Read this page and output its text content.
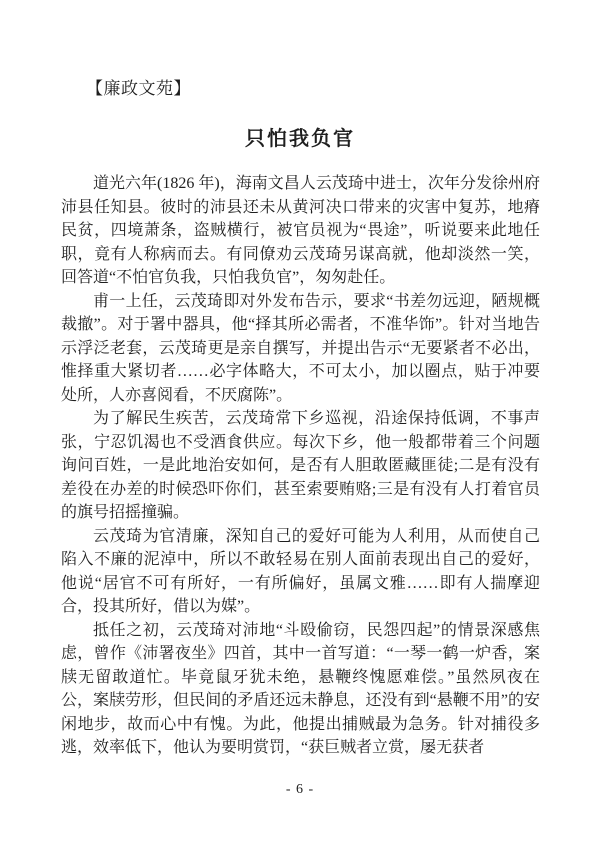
【廉政文苑】
只怕我负官

道光六年(1826 年)，海南文昌人云茂琦中进士，次年分发徐州府沛县任知县。彼时的沛县还未从黄河决口带来的灾害中复苏，地瘠民贫，四境萧条，盗贼横行，被官员视为“畏途”，听说要来此地任职，竟有人称病而去。有同僚劝云茂琦另谋高就，他却淡然一笑，回答道“不怕官负我，只怕我负官”，匆匆赴任。

甫一上任，云茂琦即对外发布告示，要求“书差勿远迎，陋规概裁撤”。对于署中器具，他“择其所必需者，不准华饰”。针对当地告示浮泛老套，云茂琦更是亲自撰写，并提出告示“无要紧者不必出，惟择重大紧切者……必字体略大，不可太小，加以圈点，贴于冲要处所，人亦喜阅看，不厌腐陈”。

为了解民生疾苦，云茂琦常下乡巡视，沿途保持低调，不事声张，宁忍饥渴也不受酒食供应。每次下乡，他一般都带着三个问题询问百姓，一是此地治安如何，是否有人胆敢匿藏匪徒;二是有没有差役在办差的时候恐吓你们，甚至索要贿赂;三是有没有人打着官员的旗号招摇撞骗。

云茂琦为官清廉，深知自己的爱好可能为人利用，从而使自己陷入不廉的泥淖中，所以不敢轻易在别人面前表现出自己的爱好，他说“居官不可有所好，一有所偏好，虽属文雅……即有人揣摩迎合，投其所好，借以为媒”。

抵任之初，云茂琦对沛地“斗殴偷窃，民怨四起”的情景深感焦虑，曾作《沛署夜坐》四首，其中一首写道：“一琴一鹤一炉香，案牍无留敢道忙。毕竟鼠牙犹未绝，悬鞭终愧愿难偿。”虽然夙夜在公，案牍劳形，但民间的矛盾还远未静息，还没有到“悬鞭不用”的安闲地步，故而心中有愧。为此，他提出捕贼最为急务。针对捕役多逃，效率低下，他认为要明赏罚，“获巨贼者立赏，屡无获者

- 6 -
